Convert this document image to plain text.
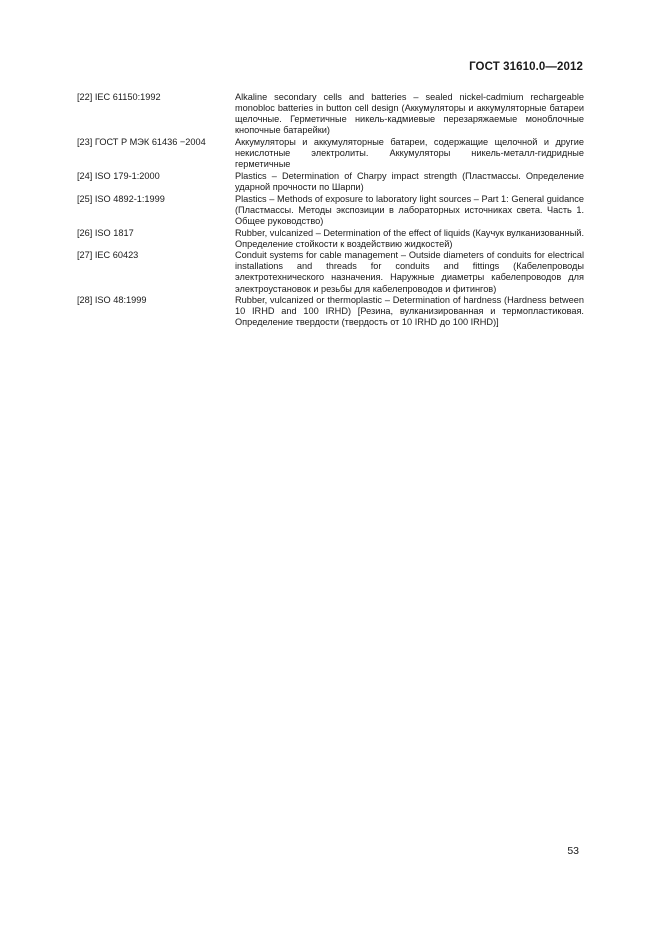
ГОСТ 31610.0—2012
[22] IEC 61150:1992	Alkaline secondary cells and batteries – sealed nickel-cadmium rechargeable monobloc batteries in button cell design (Аккумуляторы и аккумуляторные батареи щелочные. Герметичные никель-кадмиевые перезаряжаемые моноблочные кнопочные батарейки)
[23] ГОСТ Р МЭК 61436 −2004	Аккумуляторы и аккумуляторные батареи, содержащие щелочной и другие некислотные электролиты. Аккумуляторы никель-металл-гидридные герметичные
[24] ISO 179-1:2000	Plastics – Determination of Charpy impact strength (Пластмассы. Определение ударной прочности по Шарпи)
[25] ISO 4892-1:1999	Plastics – Methods of exposure to laboratory light sources – Part 1: General guidance (Пластмассы. Методы экспозиции в лабораторных источниках света. Часть 1. Общее руководство)
[26] ISO 1817	Rubber, vulcanized – Determination of the effect of liquids (Каучук вулканизованный. Определение стойкости к воздействию жидкостей)
[27] IEC 60423	Conduit systems for cable management – Outside diameters of conduits for electrical installations and threads for conduits and fittings (Кабелепроводы электротехнического назначения. Наружные диаметры кабелепроводов для электроустановок и резьбы для кабелепроводов и фитингов)
[28] ISO 48:1999	Rubber, vulcanized or thermoplastic – Determination of hardness (Hardness between 10 IRHD and 100 IRHD) [Резина, вулканизированная и термопластиковая. Определение твердости (твердость от 10 IRHD до 100 IRHD)]
53
